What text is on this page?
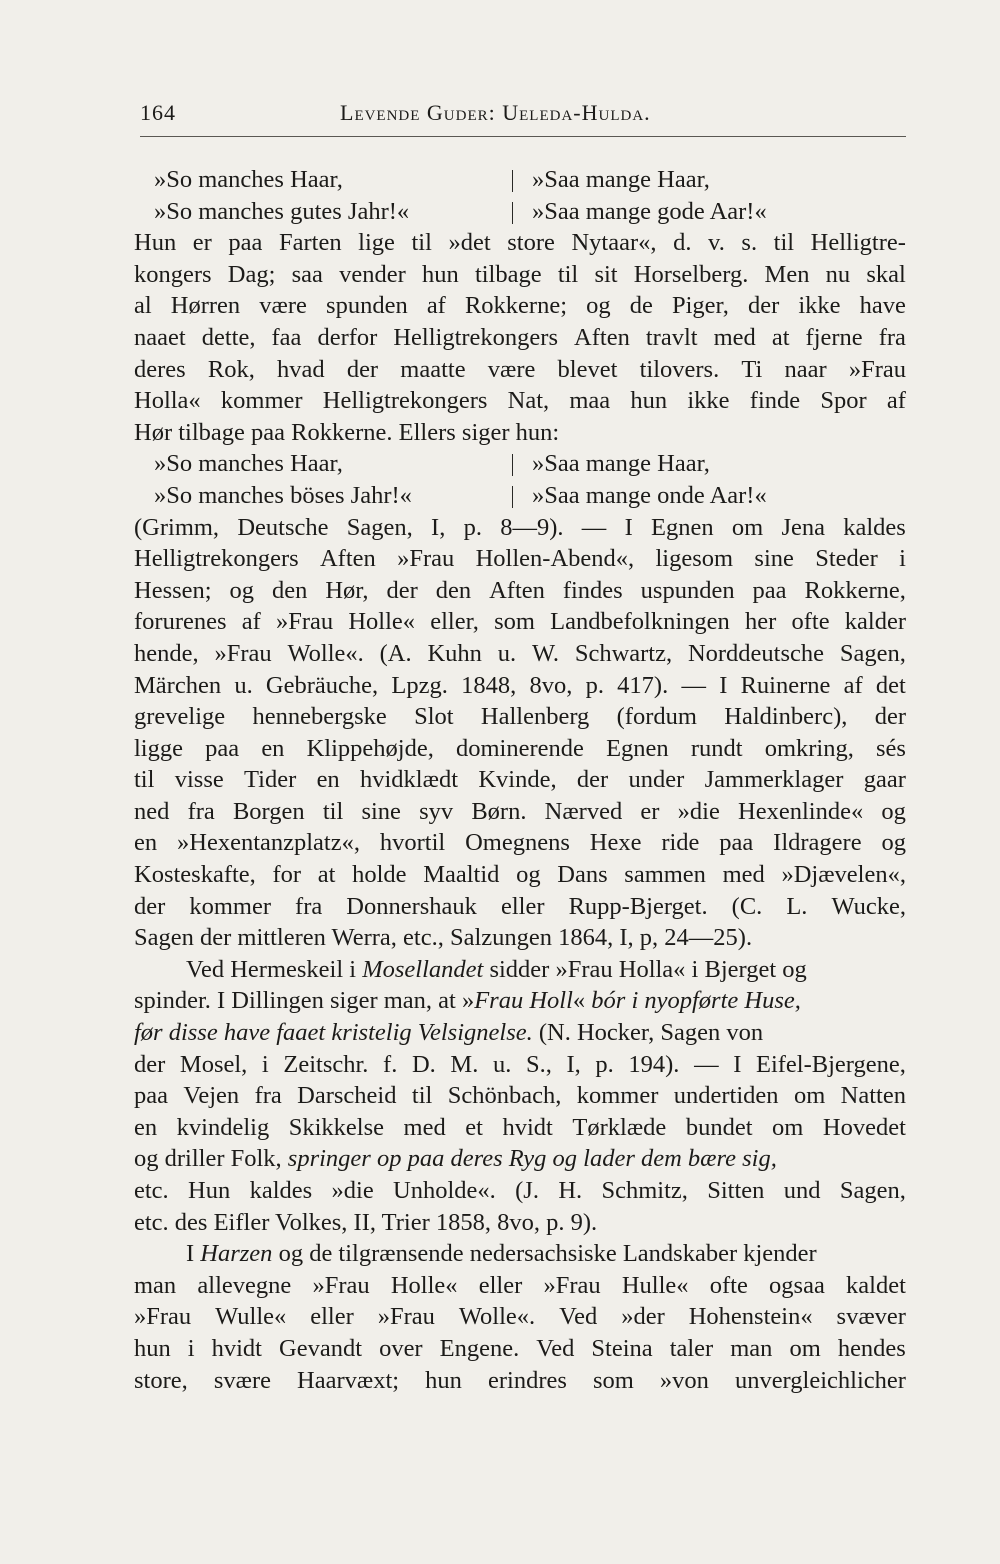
164	Levende Guder: Ueleda-Hulda.
»So manches Haar,	»Saa mange Haar,
»So manches gutes Jahr!«	»Saa mange gode Aar!«
Hun er paa Farten lige til »det store Nytaar«, d. v. s. til Helligtre-
kongers Dag; saa vender hun tilbage til sit Horselberg. Men nu skal
al Hørren være spunden af Rokkerne; og de Piger, der ikke have
naaet dette, faa derfor Helligtrekongers Aften travlt med at fjerne fra
deres Rok, hvad der maatte være blevet tilovers. Ti naar »Frau
Holla« kommer Helligtrekongers Nat, maa hun ikke finde Spor af
Hør tilbage paa Rokkerne. Ellers siger hun:
»So manches Haar,	»Saa mange Haar,
»So manches böses Jahr!«	»Saa mange onde Aar!«
(Grimm, Deutsche Sagen, I, p. 8—9). — I Egnen om Jena kaldes
Helligtrekongers Aften »Frau Hollen-Abend«, ligesom sine Steder i
Hessen; og den Hør, der den Aften findes uspunden paa Rokkerne,
forurenes af »Frau Holle« eller, som Landbefolkningen her ofte kalder
hende, »Frau Wolle«. (A. Kuhn u. W. Schwartz, Norddeutsche Sagen,
Märchen u. Gebräuche, Lpzg. 1848, 8vo, p. 417). — I Ruinerne af det
grevelige hennebergske Slot Hallenberg (fordum Haldinberc), der
ligge paa en Klippehøjde, dominerende Egnen rundt omkring, sés
til visse Tider en hvidklædt Kvinde, der under Jammerklager gaar
ned fra Borgen til sine syv Børn. Nærved er »die Hexenlinde« og
en »Hexentanzplatz«, hvortil Omegnens Hexe ride paa Ildragere og
Kosteskafte, for at holde Maaltid og Dans sammen med »Djævelen«,
der kommer fra Donnershauk eller Rupp-Bjerget. (C. L. Wucke,
Sagen der mittleren Werra, etc., Salzungen 1864, I, p, 24—25).
Ved Hermeskeil i Mosellandet sidder »Frau Holla« i Bjerget og
spinder. I Dillingen siger man, at »Frau Holl« bór i nyopførte Huse,
før disse have faaet kristelig Velsignelse. (N. Hocker, Sagen von
der Mosel, i Zeitschr. f. D. M. u. S., I, p. 194). — I Eifel-Bjergene,
paa Vejen fra Darscheid til Schönbach, kommer undertiden om Natten
en kvindelig Skikkelse med et hvidt Tørklæde bundet om Hovedet
og driller Folk, springer op paa deres Ryg og lader dem bære sig,
etc. Hun kaldes »die Unholde«. (J. H. Schmitz, Sitten und Sagen,
etc. des Eifler Volkes, II, Trier 1858, 8vo, p. 9).
I Harzen og de tilgrænsende nedersachsiske Landskaber kjender
man allevegne »Frau Holle« eller »Frau Hulle« ofte ogsaa kaldet
»Frau Wulle« eller »Frau Wolle«. Ved »der Hohenstein« svæver
hun i hvidt Gevandt over Engene. Ved Steina taler man om hendes
store, svære Haarvæxt; hun erindres som »von unvergleichlicher
